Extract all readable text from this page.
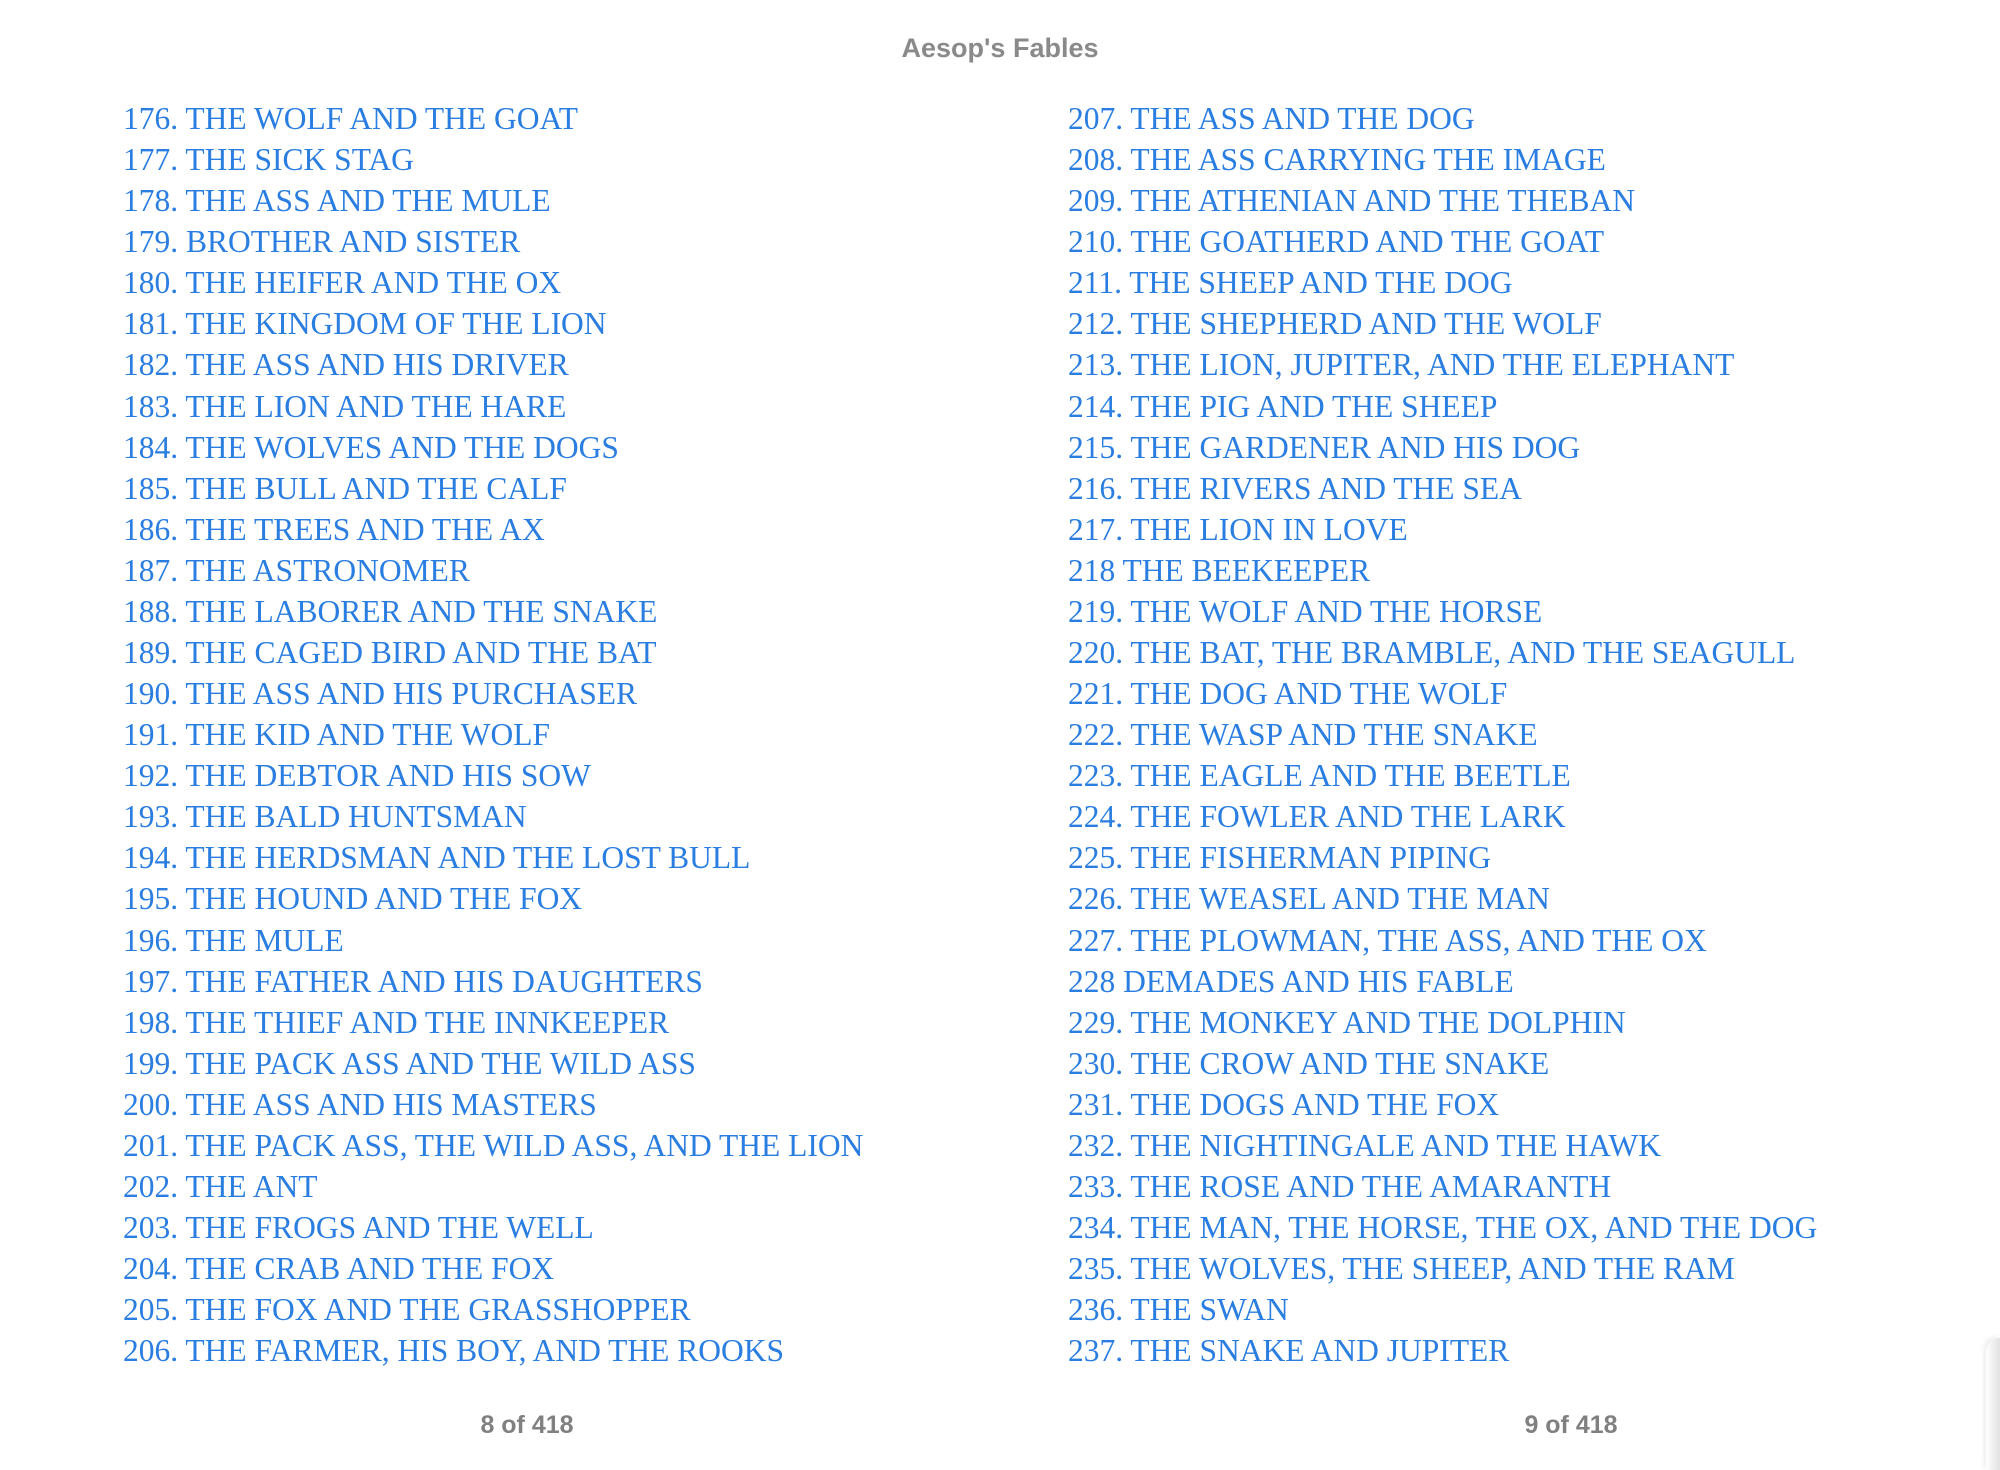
Aesop's Fables
176. THE WOLF AND THE GOAT
177. THE SICK STAG
178. THE ASS AND THE MULE
179. BROTHER AND SISTER
180. THE HEIFER AND THE OX
181. THE KINGDOM OF THE LION
182. THE ASS AND HIS DRIVER
183. THE LION AND THE HARE
184. THE WOLVES AND THE DOGS
185. THE BULL AND THE CALF
186. THE TREES AND THE AX
187. THE ASTRONOMER
188. THE LABORER AND THE SNAKE
189. THE CAGED BIRD AND THE BAT
190. THE ASS AND HIS PURCHASER
191. THE KID AND THE WOLF
192. THE DEBTOR AND HIS SOW
193. THE BALD HUNTSMAN
194. THE HERDSMAN AND THE LOST BULL
195. THE HOUND AND THE FOX
196. THE MULE
197. THE FATHER AND HIS DAUGHTERS
198. THE THIEF AND THE INNKEEPER
199. THE PACK ASS AND THE WILD ASS
200. THE ASS AND HIS MASTERS
201. THE PACK ASS, THE WILD ASS, AND THE LION
202. THE ANT
203. THE FROGS AND THE WELL
204. THE CRAB AND THE FOX
205. THE FOX AND THE GRASSHOPPER
206. THE FARMER, HIS BOY, AND THE ROOKS
8 of 418
207. THE ASS AND THE DOG
208. THE ASS CARRYING THE IMAGE
209. THE ATHENIAN AND THE THEBAN
210. THE GOATHERD AND THE GOAT
211. THE SHEEP AND THE DOG
212. THE SHEPHERD AND THE WOLF
213. THE LION, JUPITER, AND THE ELEPHANT
214. THE PIG AND THE SHEEP
215. THE GARDENER AND HIS DOG
216. THE RIVERS AND THE SEA
217. THE LION IN LOVE
218 THE BEEKEEPER
219. THE WOLF AND THE HORSE
220. THE BAT, THE BRAMBLE, AND THE SEAGULL
221. THE DOG AND THE WOLF
222. THE WASP AND THE SNAKE
223. THE EAGLE AND THE BEETLE
224. THE FOWLER AND THE LARK
225. THE FISHERMAN PIPING
226. THE WEASEL AND THE MAN
227. THE PLOWMAN, THE ASS, AND THE OX
228 DEMADES AND HIS FABLE
229. THE MONKEY AND THE DOLPHIN
230. THE CROW AND THE SNAKE
231. THE DOGS AND THE FOX
232. THE NIGHTINGALE AND THE HAWK
233. THE ROSE AND THE AMARANTH
234. THE MAN, THE HORSE, THE OX, AND THE DOG
235. THE WOLVES, THE SHEEP, AND THE RAM
236. THE SWAN
237. THE SNAKE AND JUPITER
9 of 418
